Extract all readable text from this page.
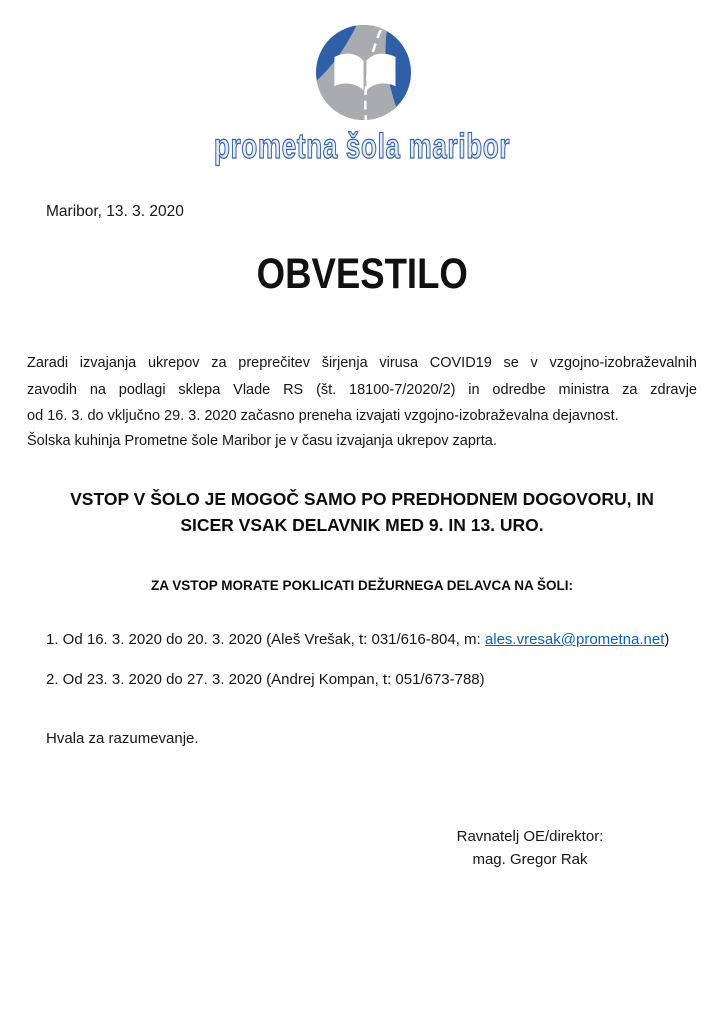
prometna šola maribor
Maribor, 13. 3. 2020
OBVESTILO
Zaradi izvajanja ukrepov za preprečitev širjenja virusa COVID19 se v vzgojno-izobraževalnih
zavodih na podlagi sklepa Vlade RS (št. 18100-7/2020/2) in odredbe ministra za zdravje
od 16. 3. do vključno 29. 3. 2020 začasno preneha izvajati vzgojno-izobraževalna dejavnost.
Šolska kuhinja Prometne šole Maribor je v času izvajanja ukrepov zaprta.
VSTOP V ŠOLO JE MOGOČ SAMO PO PREDHODNEM DOGOVORU, IN
SICER VSAK DELAVNIK MED 9. IN 13. URO.
ZA VSTOP MORATE POKLICATI DEŽURNEGA DELAVCA NA ŠOLI:
1. Od 16. 3. 2020 do 20. 3. 2020 (Aleš Vrešak, t: 031/616-804, m: ales.vresak@prometna.net)
2. Od 23. 3. 2020 do 27. 3. 2020 (Andrej Kompan, t: 051/673-788)
Hvala za razumevanje.
Ravnatelj OE/direktor:
mag. Gregor Rak
